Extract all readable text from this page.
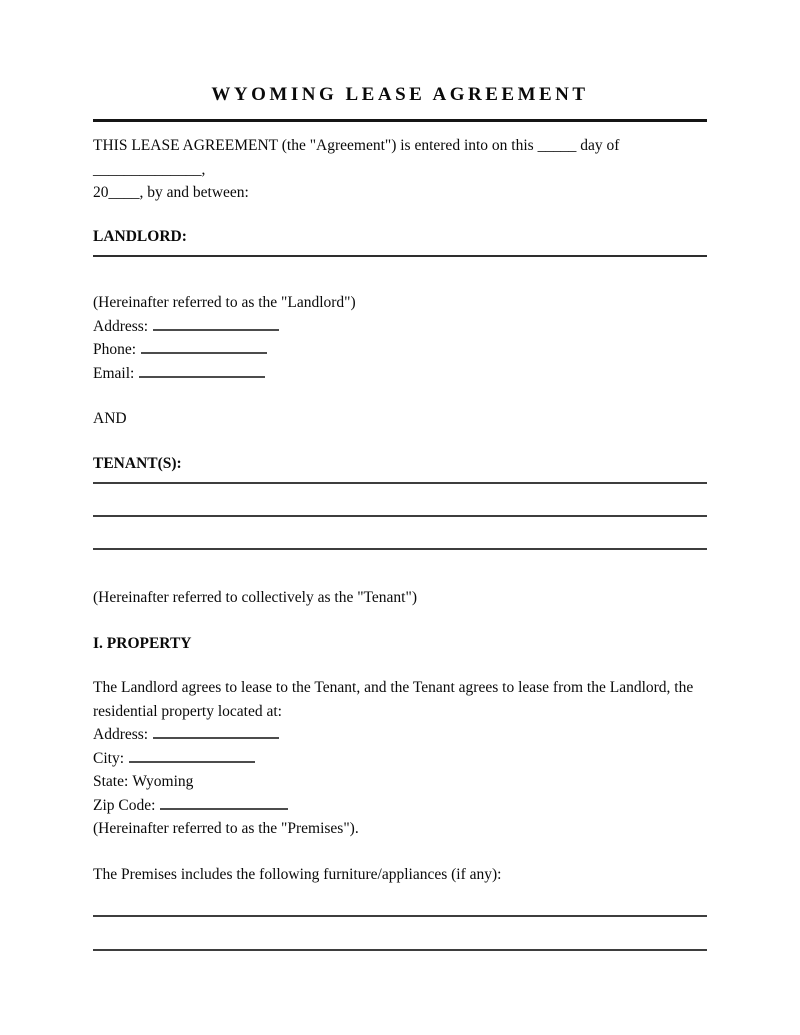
WYOMING LEASE AGREEMENT
THIS LEASE AGREEMENT (the "Agreement") is entered into on this _____ day of ______________,
20____, by and between:
LANDLORD:
(Hereinafter referred to as the "Landlord")
Address:
Phone:
Email:
AND
TENANT(S):
(Hereinafter referred to collectively as the "Tenant")
I. PROPERTY
The Landlord agrees to lease to the Tenant, and the Tenant agrees to lease from the Landlord, the residential property located at:
Address:
City:
State: Wyoming
Zip Code:
(Hereinafter referred to as the "Premises").
The Premises includes the following furniture/appliances (if any):
